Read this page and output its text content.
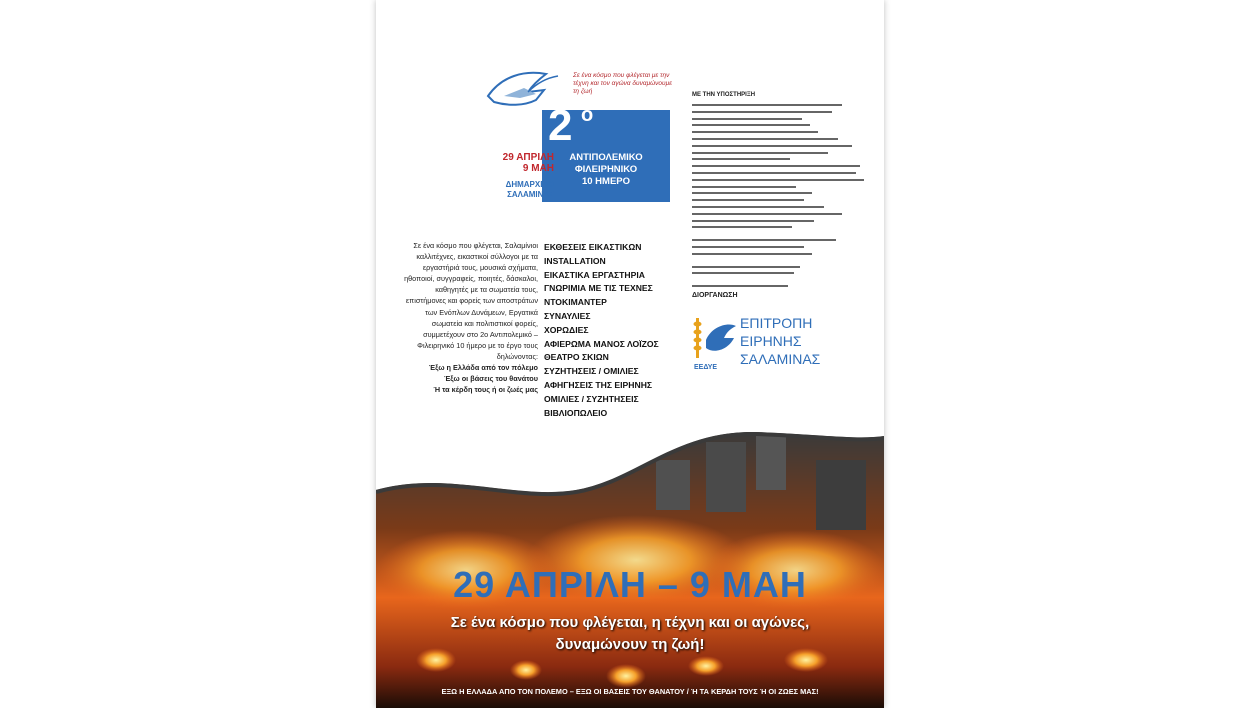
Σε ένα κόσμο που φλέγεται με την τέχνη και τον αγώνα δυναμώνουμε τη ζωή
2 ο
ΑΝΤΙΠΟΛΕΜΙΚΟ
ΦΙΛΕΙΡΗΝΙΚΟ
10 ΗΜΕΡΟ
29 ΑΠΡΙΛΗ
9 ΜΑΗ
ΔΗΜΑΡΧΕΙΟ
ΣΑΛΑΜΙΝΑΣ
ΜΕ ΤΗΝ ΥΠΟΣΤΗΡΙΞΗ
ΔΙΟΡΓΑΝΩΣΗ
ΕΠΙΤΡΟΠΗ
ΕΙΡΗΝΗΣ
ΣΑΛΑΜΙΝΑΣ
ΕΕΔΥΕ
Σε ένα κόσμο που φλέγεται, Σαλαμίνιοι καλλιτέχνες, εικαστικοί σύλλογοι με τα εργαστήριά τους, μουσικά σχήματα, ηθοποιοί, συγγραφείς, ποιητές, δάσκαλοι, καθηγητές με τα σωματεία τους, επιστήμονες και φορείς των αποστράτων των Ενόπλων Δυνάμεων, Εργατικά σωματεία και πολιτιστικοί φορείς, συμμετέχουν στο 2ο Αντιπολεμικό – Φιλειρηνικό 10 ήμερο με το έργο τους δηλώνοντας:
Έξω η Ελλάδα από τον πόλεμο
Έξω οι βάσεις του θανάτου
Ή τα κέρδη τους ή οι ζωές μας
ΕΚΘΕΣΕΙΣ ΕΙΚΑΣΤΙΚΩΝ
INSTALLATION
ΕΙΚΑΣΤΙΚΑ ΕΡΓΑΣΤΗΡΙΑ
ΓΝΩΡΙΜΙΑ ΜΕ ΤΙΣ ΤΕΧΝΕΣ
ΝΤΟΚΙΜΑΝΤΕΡ
ΣΥΝΑΥΛΙΕΣ
ΧΟΡΩΔΙΕΣ
ΑΦΙΕΡΩΜΑ ΜΑΝΟΣ ΛΟΪΖΟΣ
ΘΕΑΤΡΟ ΣΚΙΩΝ
ΣΥΖΗΤΗΣΕΙΣ / ΟΜΙΛΙΕΣ
ΑΦΗΓΗΣΕΙΣ ΤΗΣ ΕΙΡΗΝΗΣ
ΟΜΙΛΙΕΣ / ΣΥΖΗΤΗΣΕΙΣ
ΒΙΒΛΙΟΠΩΛΕΙΟ
29 ΑΠΡΙΛΗ – 9 ΜΑΗ
Σε ένα κόσμο που φλέγεται, η τέχνη και οι αγώνες,
δυναμώνουν τη ζωή!
ΕΞΩ Η ΕΛΛΑΔΑ ΑΠΟ ΤΟΝ ΠΟΛΕΜΟ – ΕΞΩ ΟΙ ΒΑΣΕΙΣ ΤΟΥ ΘΑΝΑΤΟΥ / Ή ΤΑ ΚΕΡΔΗ ΤΟΥΣ Ή ΟΙ ΖΩΕΣ ΜΑΣ!
